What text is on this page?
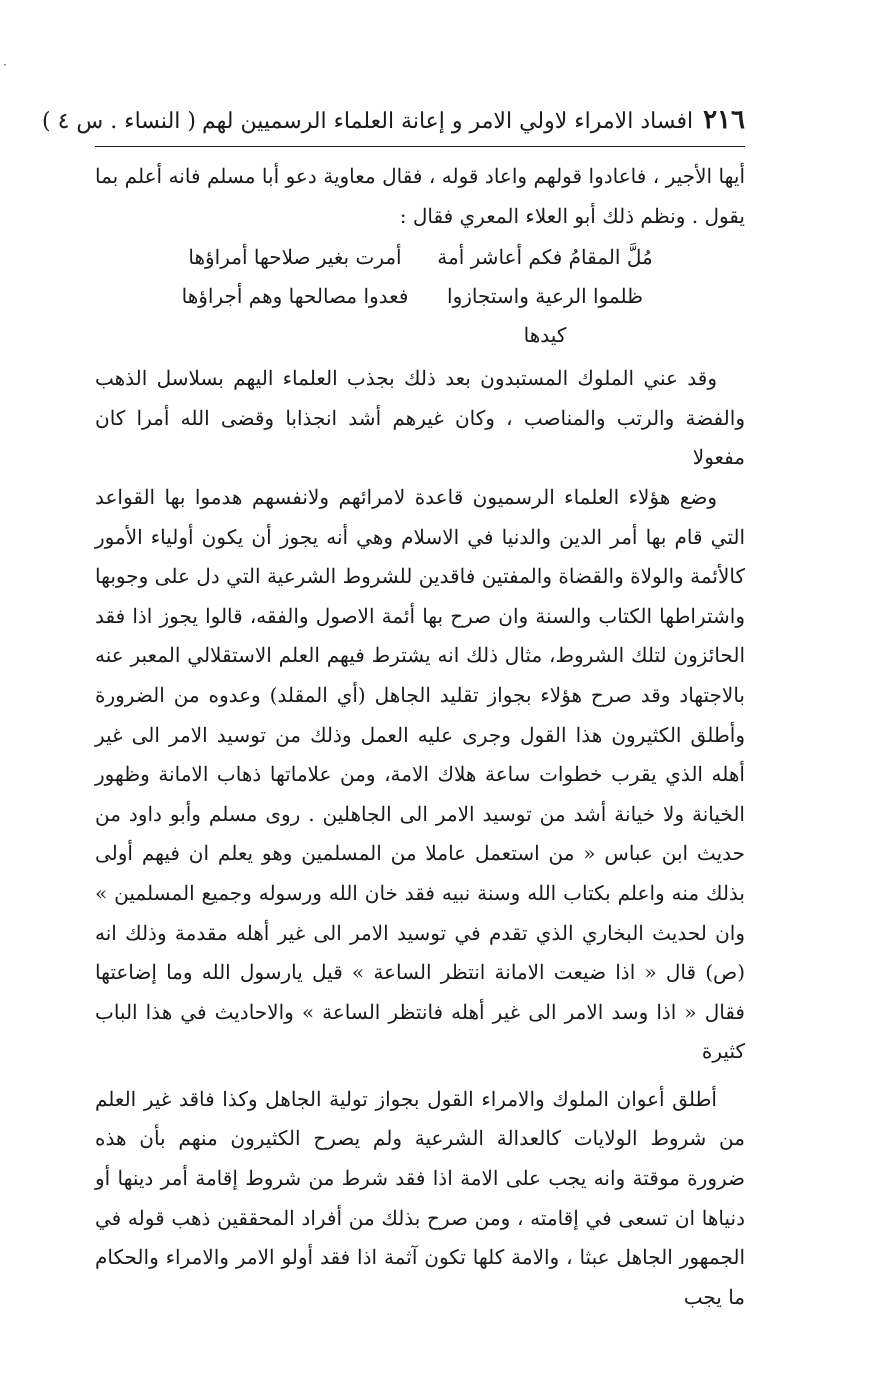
·
٢١٦
افساد الامراء لاولي الامر و إعانة العلماء الرسميين لهم
( النساء . س ٤ )

أيها الأجير ، فاعادوا قولهم واعاد قوله ، فقال معاوية دعو أبا مسلم فانه أعلم بما يقول . ونظم ذلك أبو العلاء المعري فقال :

مُلَّ المقامُ فكم أعاشر أمة
أمرت بغير صلاحها أمراؤها
ظلموا الرعية واستجازوا كيدها
فعدوا مصالحها وهم أجراؤها

وقد عني الملوك المستبدون بعد ذلك بجذب العلماء اليهم بسلاسل الذهب والفضة والرتب والمناصب ، وكان غيرهم أشد انجذابا وقضى الله أمرا كان مفعولا

وضع هؤلاء العلماء الرسميون قاعدة لامرائهم ولانفسهم هدموا بها القواعد التي قام بها أمر الدين والدنيا في الاسلام وهي أنه يجوز أن يكون أولياء الأمور كالأئمة والولاة والقضاة والمفتين فاقدين للشروط الشرعية التي دل على وجوبها واشتراطها الكتاب والسنة وان صرح بها أئمة الاصول والفقه، قالوا يجوز اذا فقد الحائزون لتلك الشروط، مثال ذلك انه يشترط فيهم العلم الاستقلالي المعبر عنه بالاجتهاد وقد صرح هؤلاء بجواز تقليد الجاهل (أي المقلد) وعدوه من الضرورة وأطلق الكثيرون هذا القول وجرى عليه العمل وذلك من توسيد الامر الى غير أهله الذي يقرب خطوات ساعة هلاك الامة، ومن علاماتها ذهاب الامانة وظهور الخيانة ولا خيانة أشد من توسيد الامر الى الجاهلين . روى مسلم وأبو داود من حديث ابن عباس « من استعمل عاملا من المسلمين وهو يعلم ان فيهم أولى بذلك منه واعلم بكتاب الله وسنة نبيه فقد خان الله ورسوله وجميع المسلمين » وان لحديث البخاري الذي تقدم في توسيد الامر الى غير أهله مقدمة وذلك انه (ص) قال « اذا ضيعت الامانة انتظر الساعة » قيل يارسول الله وما إضاعتها فقال « اذا وسد الامر الى غير أهله فانتظر الساعة » والاحاديث في هذا الباب كثيرة

أطلق أعوان الملوك والامراء القول بجواز تولية الجاهل وكذا فاقد غير العلم من شروط الولايات كالعدالة الشرعية ولم يصرح الكثيرون منهم بأن هذه ضرورة موقتة وانه يجب على الامة اذا فقد شرط من شروط إقامة أمر دينها أو دنياها ان تسعى في إقامته ، ومن صرح بذلك من أفراد المحققين ذهب قوله في الجمهور الجاهل عبثا ، والامة كلها تكون آثمة اذا فقد أولو الامر والامراء والحكام ما يجب
